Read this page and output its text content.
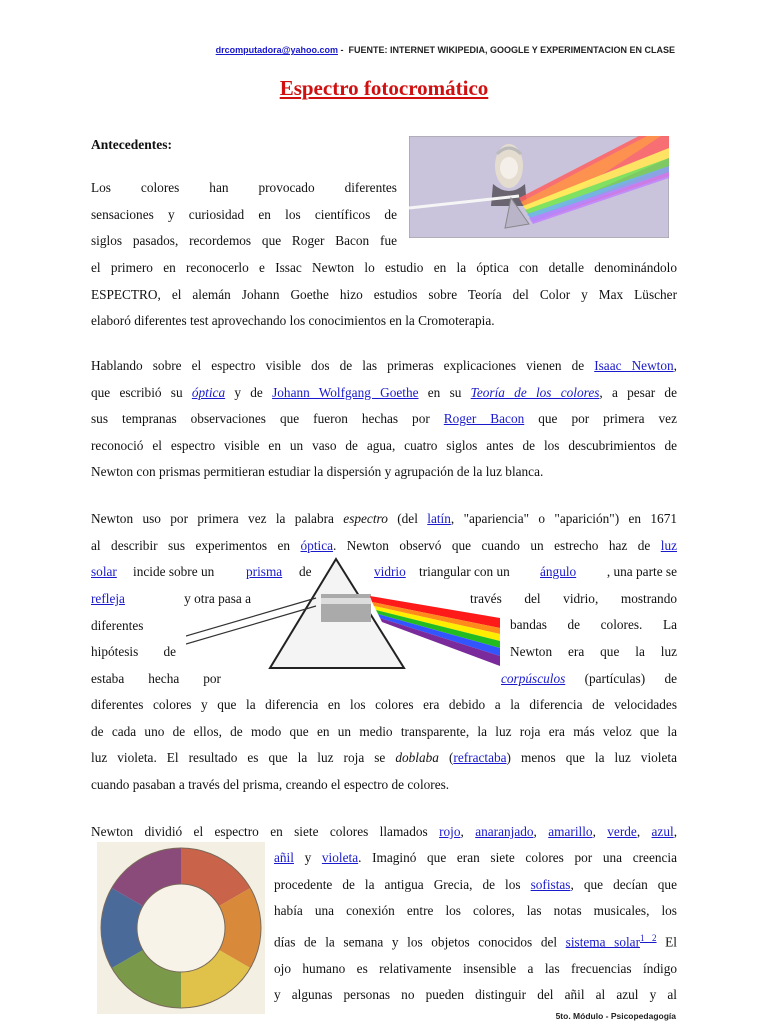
drcomputadora@yahoo.com -  FUENTE: INTERNET WIKIPEDIA, GOOGLE Y EXPERIMENTACION EN CLASE
Espectro fotocromático
Antecedentes:
Los colores han provocado diferentes
sensaciones y curiosidad en los científicos de
siglos pasados, recordemos que Roger Bacon fue
el primero en reconocerlo e Issac Newton lo estudio en la óptica con detalle denominándolo
ESPECTRO, el alemán Johann Goethe hizo estudios sobre Teoría del Color y Max Lüscher
elaboró diferentes test aprovechando los conocimientos en la Cromoterapia.
Hablando sobre el espectro visible dos de las primeras explicaciones vienen de Isaac Newton,
que escribió su óptica y de Johann Wolfgang Goethe en su Teoría de los colores, a pesar de
sus tempranas observaciones que fueron hechas por Roger Bacon que por primera vez
reconoció el espectro visible en un vaso de agua, cuatro siglos antes de los descubrimientos de
Newton con prismas permitieran estudiar la dispersión y agrupación de la luz blanca.
Newton uso por primera vez la palabra espectro (del latín, "apariencia" o "aparición") en 1671
al describir sus experimentos en óptica. Newton observó que cuando un estrecho haz de luz
solar incide sobre un prisma de	vidrio triangular con un ángulo , una parte se
refleja	y otra pasa a
diferentes
hipótesis de
estaba hecha por
través del vidrio, mostrando
bandas de colores. La
Newton era que la luz
corpúsculos (partículas) de
diferentes colores y que la diferencia en los colores era debido a la diferencia de velocidades
de cada uno de ellos, de modo que en un medio transparente, la luz roja era más veloz que la
luz violeta. El resultado es que la luz roja se doblaba (refractaba) menos que la luz violeta
cuando pasaban a través del prisma, creando el espectro de colores.
Newton dividió el espectro en siete colores llamados rojo, anaranjado, amarillo, verde, azul,
añil y violeta. Imaginó que eran siete colores por una creencia
procedente de la antigua Grecia, de los sofistas, que decían que
había una conexión entre los colores, las notas musicales, los
días de la semana y los objetos conocidos del sistema solar$^{1 2}$ El
ojo humano es relativamente insensible a las frecuencias índigo
y algunas personas no pueden distinguir del añil al azul y al
5to. Módulo - Psicopedagogía
